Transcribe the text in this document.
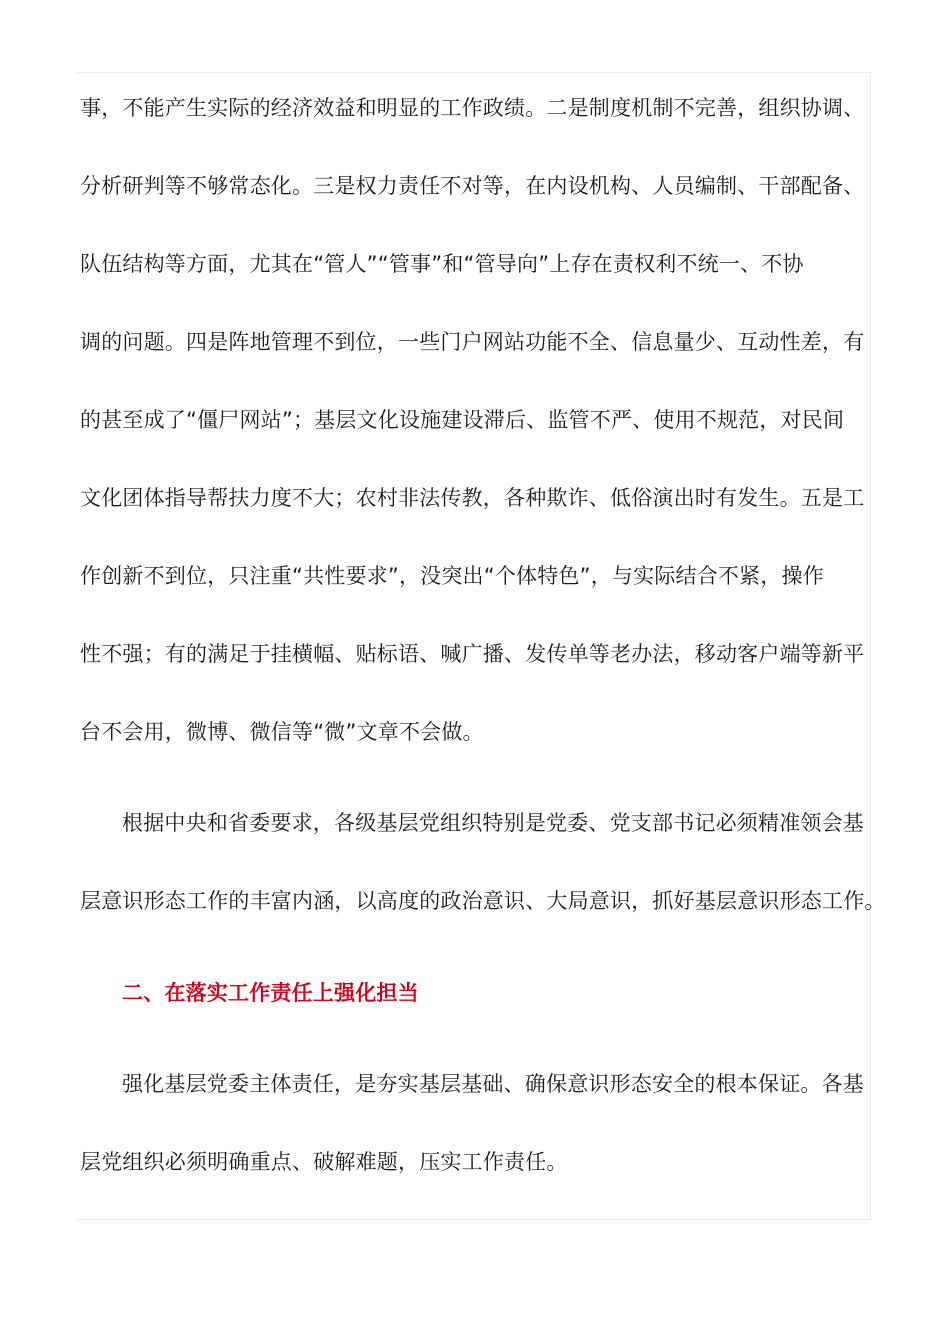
事，不能产生实际的经济效益和明显的工作政绩。二是制度机制不完善，组织协调、
分析研判等不够常态化。三是权力责任不对等，在内设机构、人员编制、干部配备、
队伍结构等方面，尤其在“管人”“管事”和“管导向”上存在责权利不统一、不协
调的问题。四是阵地管理不到位，一些门户网站功能不全、信息量少、互动性差，有
的甚至成了“僵尸网站”；基层文化设施建设滞后、监管不严、使用不规范，对民间
文化团体指导帮扶力度不大；农村非法传教，各种欺诈、低俗演出时有发生。五是工
作创新不到位，只注重“共性要求”，没突出“个体特色”，与实际结合不紧，操作
性不强；有的满足于挂横幅、贴标语、喊广播、发传单等老办法，移动客户端等新平
台不会用，微博、微信等“微”文章不会做。
根据中央和省委要求，各级基层党组织特别是党委、党支部书记必须精准领会基
层意识形态工作的丰富内涵，以高度的政治意识、大局意识，抓好基层意识形态工作。
二、在落实工作责任上强化担当
强化基层党委主体责任，是夯实基层基础、确保意识形态安全的根本保证。各基
层党组织必须明确重点、破解难题，压实工作责任。
